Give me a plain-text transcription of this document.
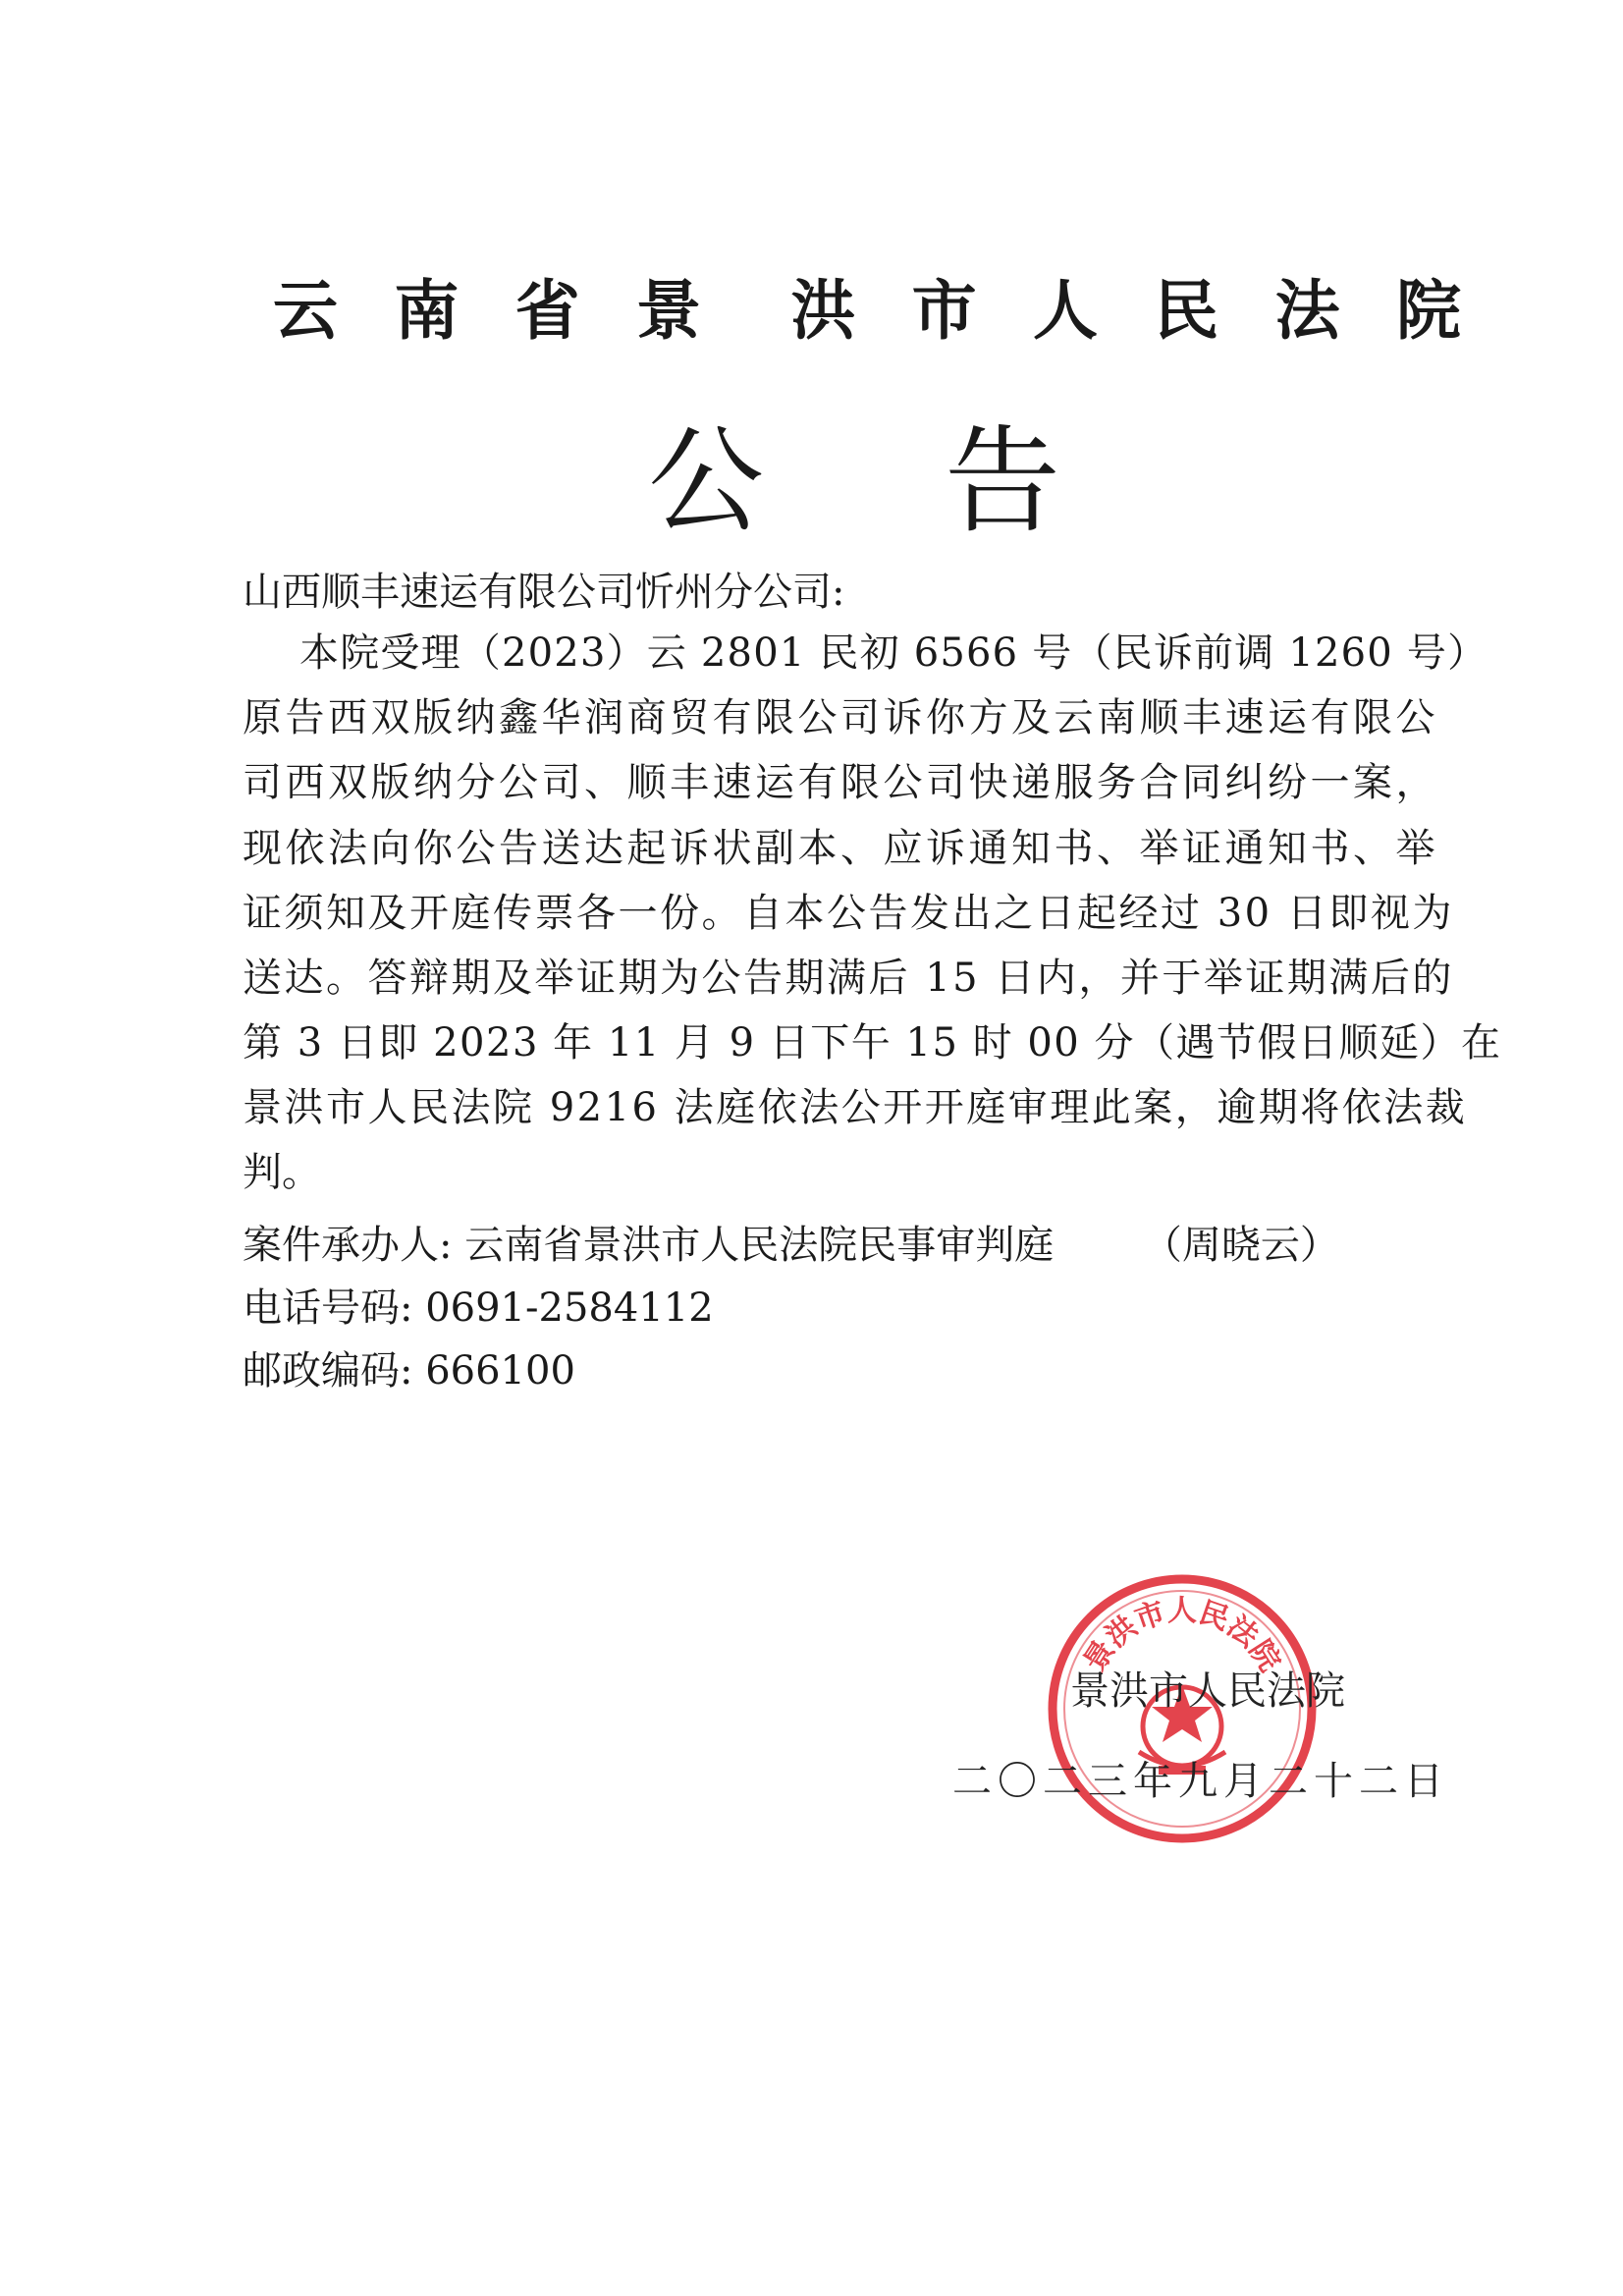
云 南 省 景 洪 市 人 民 法 院
公 告
山西顺丰速运有限公司忻州分公司:
本院受理（2023）云 2801 民初 6566 号（民诉前调 1260 号）
原告西双版纳鑫华润商贸有限公司诉你方及云南顺丰速运有限公
司西双版纳分公司、顺丰速运有限公司快递服务合同纠纷一案，
现依法向你公告送达起诉状副本、应诉通知书、举证通知书、举
证须知及开庭传票各一份。自本公告发出之日起经过 30 日即视为
送达。答辩期及举证期为公告期满后 15 日内，并于举证期满后的
第 3 日即 2023 年 11 月 9 日下午 15 时 00 分（遇节假日顺延）在
景洪市人民法院 9216 法庭依法公开开庭审理此案，逾期将依法裁
判。
案件承办人: 云南省景洪市人民法院民事审判庭 （周晓云）
电话号码: 0691-2584112
邮政编码: 666100
景洪市人民法院
景洪市人民法院
二〇二三年九月二十二日
